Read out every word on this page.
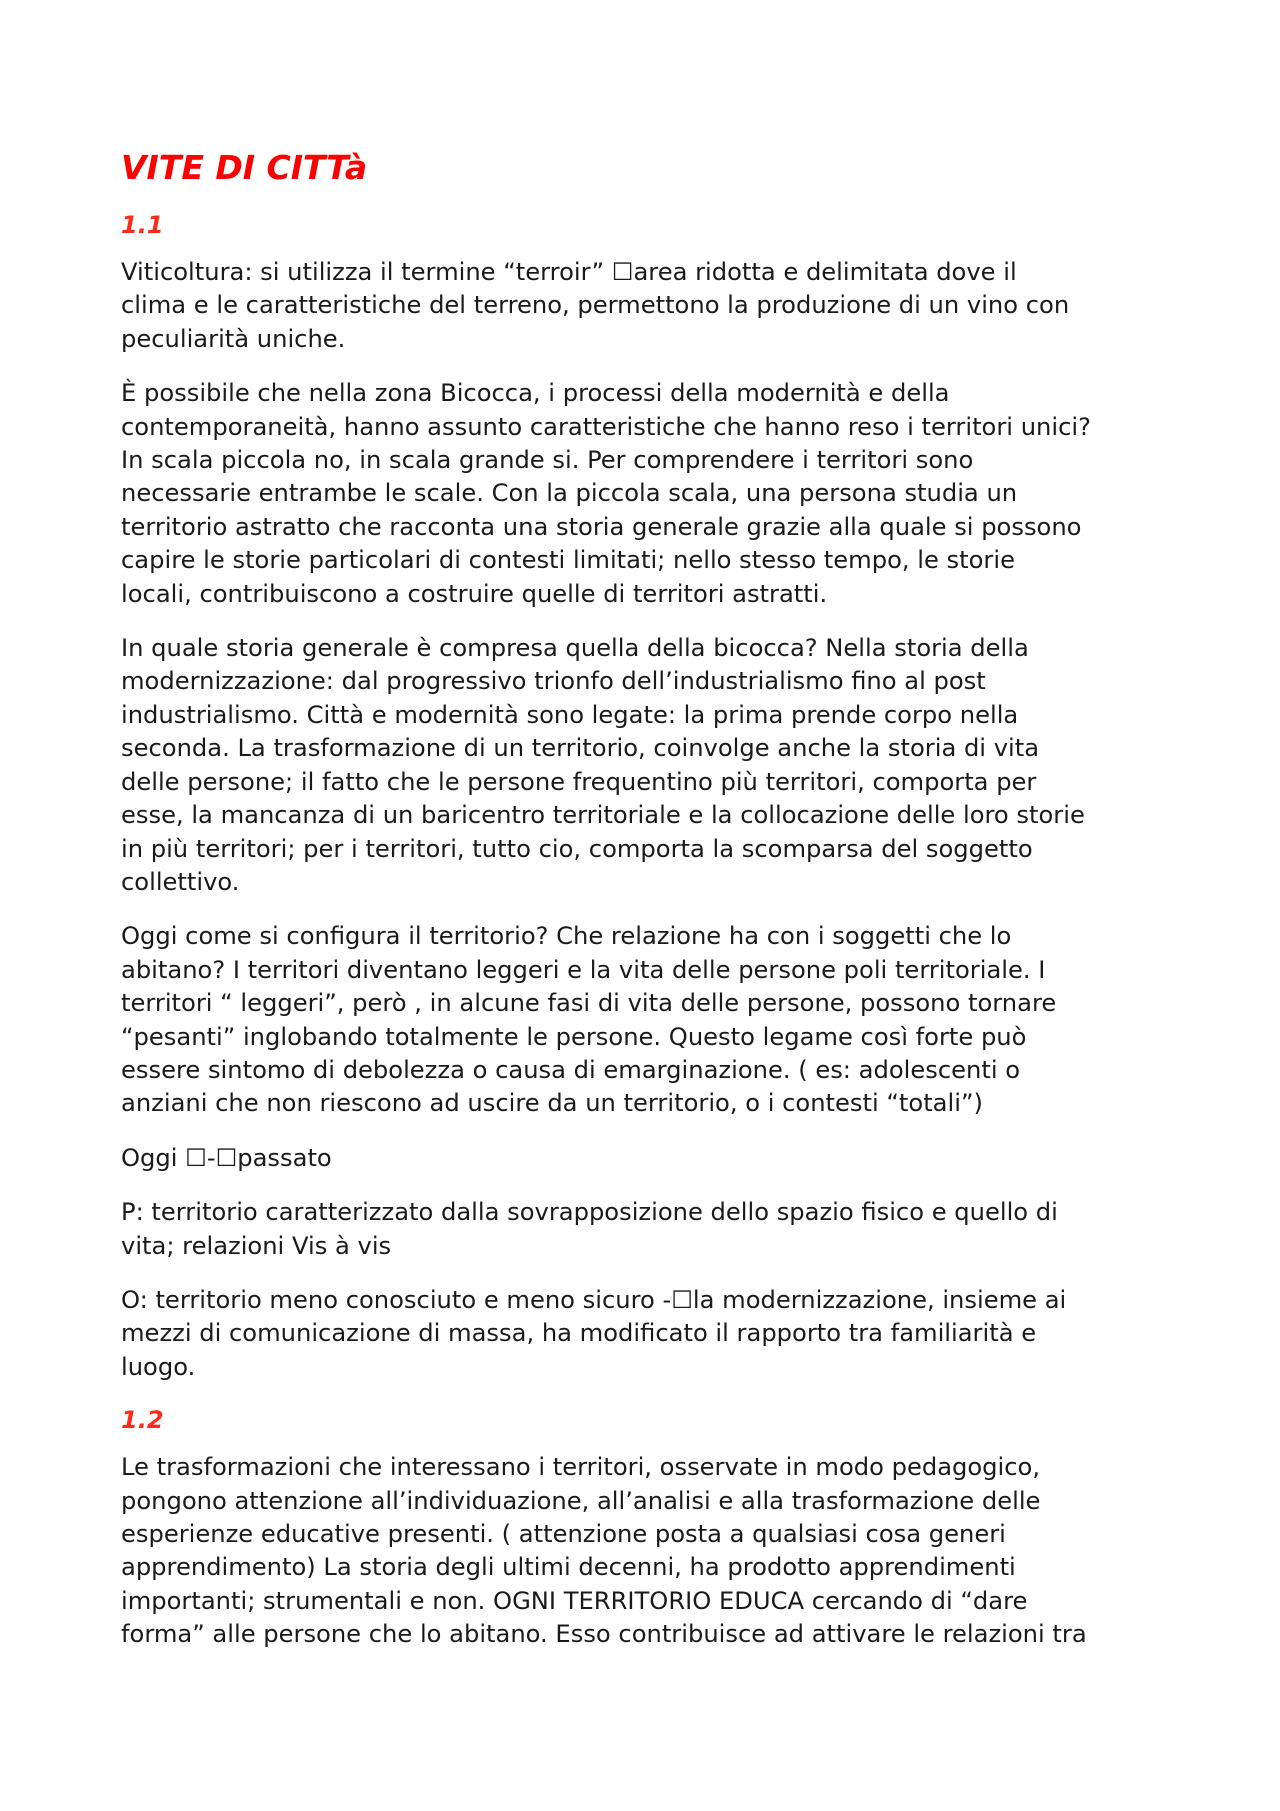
VITE DI CITTà
1.1
Viticoltura: si utilizza il termine “terroir” ☐area ridotta e delimitata dove il
clima e le caratteristiche del terreno, permettono la produzione di un vino con
peculiarità uniche.
È possibile che nella zona Bicocca, i processi della modernità e della
contemporaneità, hanno assunto caratteristiche che hanno reso i territori unici?
In scala piccola no, in scala grande si. Per comprendere i territori sono
necessarie entrambe le scale. Con la piccola scala, una persona studia un
territorio astratto che racconta una storia generale grazie alla quale si possono
capire le storie particolari di contesti limitati; nello stesso tempo, le storie
locali, contribuiscono a costruire quelle di territori astratti.
In quale storia generale è compresa quella della bicocca? Nella storia della
modernizzazione: dal progressivo trionfo dell’industrialismo fino al post
industrialismo. Città e modernità sono legate: la prima prende corpo nella
seconda. La trasformazione di un territorio, coinvolge anche la storia di vita
delle persone; il fatto che le persone frequentino più territori, comporta per
esse, la mancanza di un baricentro territoriale e la collocazione delle loro storie
in più territori; per i territori, tutto cio, comporta la scomparsa del soggetto
collettivo.
Oggi come si configura il territorio? Che relazione ha con i soggetti che lo
abitano? I territori diventano leggeri e la vita delle persone poli territoriale. I
territori “ leggeri”, però , in alcune fasi di vita delle persone, possono tornare
“pesanti” inglobando totalmente le persone. Questo legame così forte può
essere sintomo di debolezza o causa di emarginazione. ( es: adolescenti o
anziani che non riescono ad uscire da un territorio, o i contesti “totali”)
Oggi ☐-☐passato
P: territorio caratterizzato dalla sovrapposizione dello spazio fisico e quello di
vita; relazioni Vis à vis
O: territorio meno conosciuto e meno sicuro -☐la modernizzazione, insieme ai
mezzi di comunicazione di massa, ha modificato il rapporto tra familiarità e
luogo.
1.2
Le trasformazioni che interessano i territori, osservate in modo pedagogico,
pongono attenzione all’individuazione, all’analisi e alla trasformazione delle
esperienze educative presenti. ( attenzione posta a qualsiasi cosa generi
apprendimento) La storia degli ultimi decenni, ha prodotto apprendimenti
importanti; strumentali e non. OGNI TERRITORIO EDUCA cercando di “dare
forma” alle persone che lo abitano. Esso contribuisce ad attivare le relazioni tra
